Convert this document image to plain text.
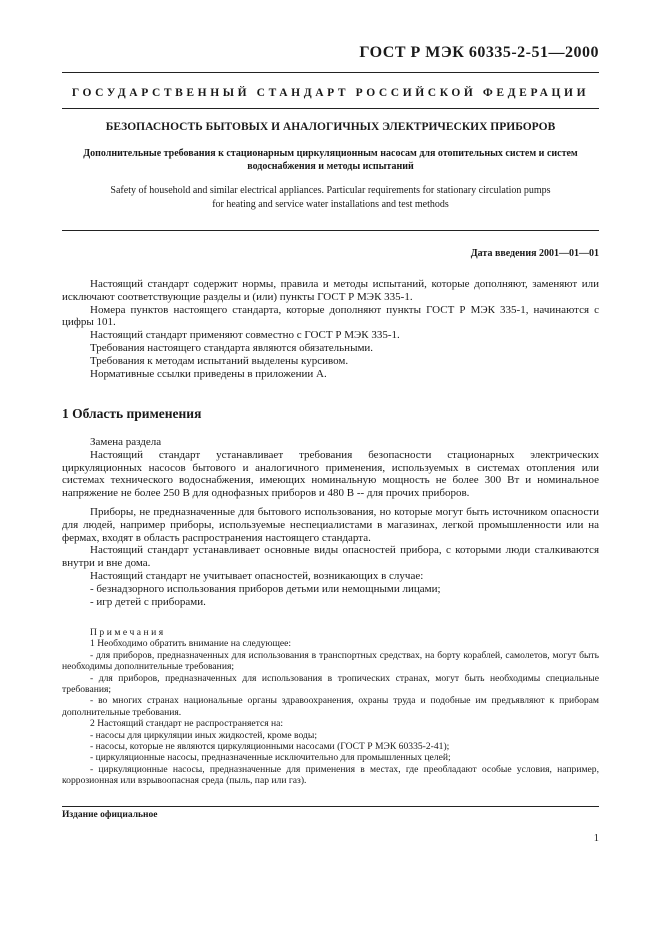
ГОСТ Р МЭК 60335-2-51—2000
ГОСУДАРСТВЕННЫЙ СТАНДАРТ РОССИЙСКОЙ ФЕДЕРАЦИИ
БЕЗОПАСНОСТЬ БЫТОВЫХ И АНАЛОГИЧНЫХ ЭЛЕКТРИЧЕСКИХ ПРИБОРОВ
Дополнительные требования к стационарным циркуляционным насосам для отопительных систем и систем водоснабжения и методы испытаний
Safety of household and similar electrical appliances. Particular requirements for stationary circulation pumps
for heating and service water installations and test methods
Дата введения 2001—01—01

Настоящий стандарт содержит нормы, правила и методы испытаний, которые дополняют, заменяют или исключают соответствующие разделы и (или) пункты ГОСТ Р МЭК 335-1.

Номера пунктов настоящего стандарта, которые дополняют пункты ГОСТ Р МЭК 335-1, начинаются с цифры 101.

Настоящий стандарт применяют совместно с ГОСТ Р МЭК 335-1.

Требования настоящего стандарта являются обязательными.

Требования к методам испытаний выделены курсивом.

Нормативные ссылки приведены в приложении А.

1 Область применения

Замена раздела

Настоящий стандарт устанавливает требования безопасности стационарных электрических циркуляционных насосов бытового и аналогичного применения, используемых в системах отопления или системах технического водоснабжения, имеющих номинальную мощность не более 300 Вт и номинальное напряжение не более 250 В для однофазных приборов и 480 В -- для прочих приборов.

Приборы, не предназначенные для бытового использования, но которые могут быть источником опасности для людей, например приборы, используемые неспециалистами в магазинах, легкой промышленности или на фермах, входят в область распространения настоящего стандарта.

Настоящий стандарт устанавливает основные виды опасностей прибора, с которыми люди сталкиваются внутри и вне дома.

Настоящий стандарт не учитывает опасностей, возникающих в случае:

- безнадзорного использования приборов детьми или немощными лицами;

- игр детей с приборами.

Примечания

1 Необходимо обратить внимание на следующее:

- для приборов, предназначенных для использования в транспортных средствах, на борту кораблей, самолетов, могут быть необходимы дополнительные требования;

- для приборов, предназначенных для использования в тропических странах, могут быть необходимы специальные требования;

- во многих странах национальные органы здравоохранения, охраны труда и подобные им предъявляют к приборам дополнительные требования.

2 Настоящий стандарт не распространяется на:

- насосы для циркуляции иных жидкостей, кроме воды;

- насосы, которые не являются циркуляционными насосами (ГОСТ Р МЭК 60335-2-41);

- циркуляционные насосы, предназначенные исключительно для промышленных целей;

- циркуляционные насосы, предназначенные для применения в местах, где преобладают особые условия, например, коррозионная или взрывоопасная среда (пыль, пар или газ).

Издание официальное
1
